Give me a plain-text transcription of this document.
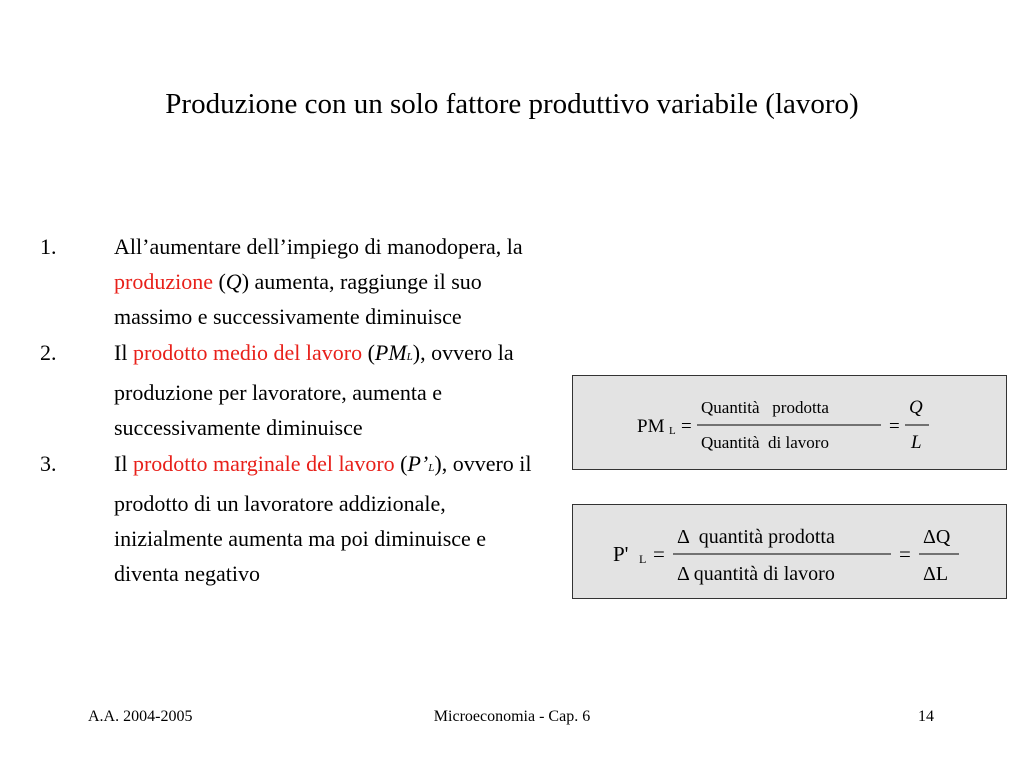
Produzione con un solo fattore produttivo variabile (lavoro)
1.	All’aumentare dell’impiego di manodopera, la produzione (Q) aumenta, raggiunge il suo massimo e successivamente diminuisce
2.	Il prodotto medio del lavoro (PML), ovvero la produzione per lavoratore, aumenta e successivamente diminuisce
3.	Il prodotto marginale del lavoro (P’L), ovvero il prodotto di un lavoratore addizionale, inizialmente aumenta ma poi diminuisce e diventa negativo
PM L =
Quantità   prodotta
Quantità  di lavoro
=
Q
L
P' L =
Δ  quantità prodotta
Δ quantità di lavoro
=
ΔQ
ΔL
A.A. 2004-2005	Microeconomia - Cap. 6	14
